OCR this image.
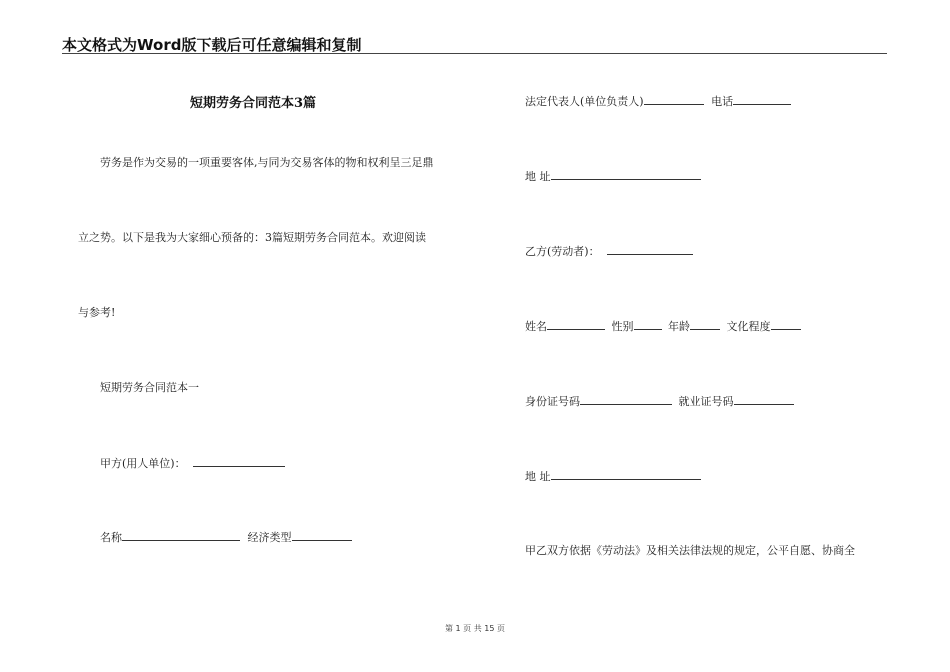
本文格式为Word版下载后可任意编辑和复制
短期劳务合同范本3篇
劳务是作为交易的一项重要客体,与同为交易客体的物和权利呈三足鼎
立之势。以下是我为大家细心预备的：3篇短期劳务合同范本。欢迎阅读
与参考!
短期劳务合同范本一
甲方(用人单位)：
名称	经济类型
法定代表人(单位负责人)	电话
地 址
乙方(劳动者)：
姓名	性别	年龄	文化程度
身份证号码	就业证号码
地 址
甲乙双方依据《劳动法》及相关法律法规的规定，公平自愿、协商全
第 1 页 共 15 页
